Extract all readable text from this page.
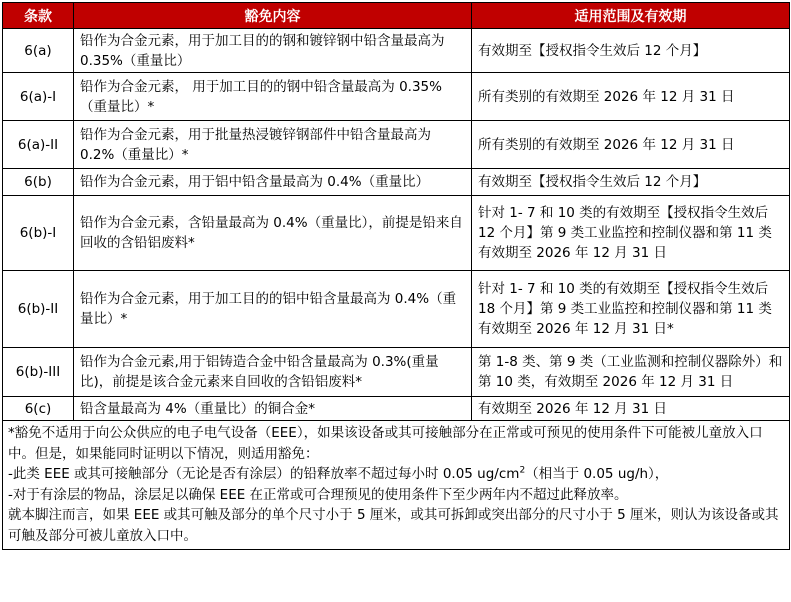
条款	豁免内容	适用范围及有效期
6(a)	铅作为合金元素，用于加工目的的钢和镀锌钢中铅含量最高为 0.35%（重量比）	有效期至【授权指令生效后 12 个月】
6(a)-I	铅作为合金元素， 用于加工目的的钢中铅含量最高为 0.35%（重量比）*	所有类别的有效期至 2026 年 12 月 31 日
6(a)-II	铅作为合金元素，用于批量热浸镀锌钢部件中铅含量最高为 0.2%（重量比）*	所有类别的有效期至 2026 年 12 月 31 日
6(b)	铅作为合金元素，用于铝中铅含量最高为 0.4%（重量比）	有效期至【授权指令生效后 12 个月】
6(b)-I	铅作为合金元素，含铅量最高为 0.4%（重量比），前提是铅来自回收的含铅铝废料*	针对 1- 7 和 10 类的有效期至【授权指令生效后 12 个月】第 9 类工业监控和控制仪器和第 11 类有效期至 2026 年 12 月 31 日
6(b)-II	铅作为合金元素，用于加工目的的铝中铅含量最高为 0.4%（重量比）*	针对 1- 7 和 10 类的有效期至【授权指令生效后 18 个月】第 9 类工业监控和控制仪器和第 11 类有效期至 2026 年 12 月 31 日*
6(b)-III	铅作为合金元素,用于铝铸造合金中铅含量最高为 0.3%(重量比)，前提是该合金元素来自回收的含铅铝废料*	第 1-8 类、第 9 类（工业监测和控制仪器除外）和第 10 类，有效期至 2026 年 12 月 31 日
6(c)	铅含量最高为 4%（重量比）的铜合金*	有效期至 2026 年 12 月 31 日

*豁免不适用于向公众供应的电子电气设备（EEE），如果该设备或其可接触部分在正常或可预见的使用条件下可能被儿童放入口中。但是，如果能同时证明以下情况，则适用豁免：

-此类 EEE 或其可接触部分（无论是否有涂层）的铅释放率不超过每小时 0.05 $ug/cm^2$（相当于 0.05 ug/h），

-对于有涂层的物品，涂层足以确保 EEE 在正常或可合理预见的使用条件下至少两年内不超过此释放率。

就本脚注而言，如果 EEE 或其可触及部分的单个尺寸小于 5 厘米，或其可拆卸或突出部分的尺寸小于 5 厘米，则认为该设备或其可触及部分可被儿童放入口中。		
